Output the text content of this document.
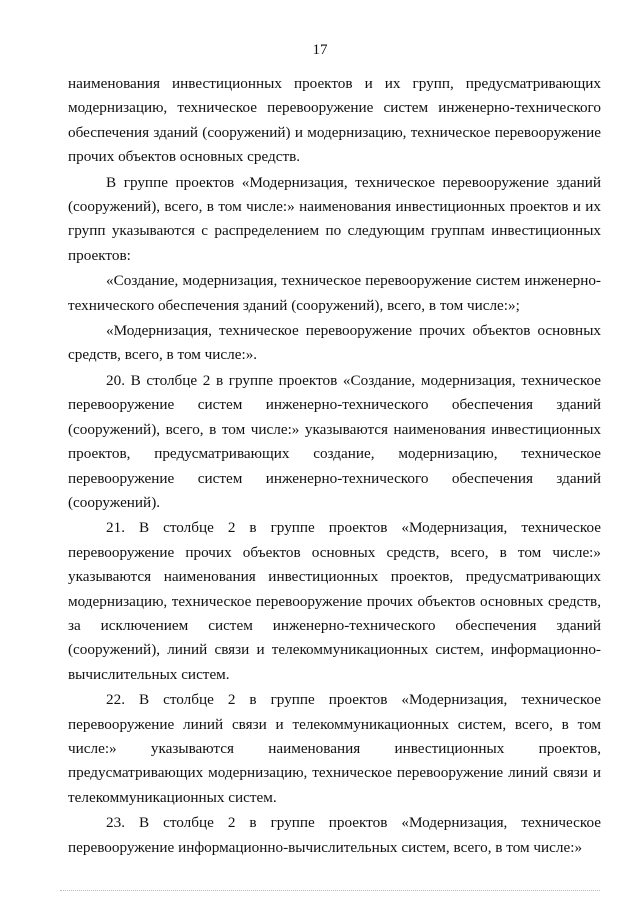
17

наименования инвестиционных проектов и их групп, предусматривающих модернизацию, техническое перевооружение систем инженерно-технического обеспечения зданий (сооружений) и модернизацию, техническое перевооружение прочих объектов основных средств.

В группе проектов «Модернизация, техническое перевооружение зданий (сооружений), всего, в том числе:» наименования инвестиционных проектов и их групп указываются с распределением по следующим группам инвестиционных проектов:

«Создание, модернизация, техническое перевооружение систем инженерно-технического обеспечения зданий (сооружений), всего, в том числе:»;

«Модернизация, техническое перевооружение прочих объектов основных средств, всего, в том числе:».

20. В столбце 2 в группе проектов «Создание, модернизация, техническое перевооружение систем инженерно-технического обеспечения зданий (сооружений), всего, в том числе:» указываются наименования инвестиционных проектов, предусматривающих создание, модернизацию, техническое перевооружение систем инженерно-технического обеспечения зданий (сооружений).

21. В столбце 2 в группе проектов «Модернизация, техническое перевооружение прочих объектов основных средств, всего, в том числе:» указываются наименования инвестиционных проектов, предусматривающих модернизацию, техническое перевооружение прочих объектов основных средств, за исключением систем инженерно-технического обеспечения зданий (сооружений), линий связи и телекоммуникационных систем, информационно-вычислительных систем.

22. В столбце 2 в группе проектов «Модернизация, техническое перевооружение линий связи и телекоммуникационных систем, всего, в том числе:» указываются наименования инвестиционных проектов, предусматривающих модернизацию, техническое перевооружение линий связи и телекоммуникационных систем.

23. В столбце 2 в группе проектов «Модернизация, техническое перевооружение информационно-вычислительных систем, всего, в том числе:»
